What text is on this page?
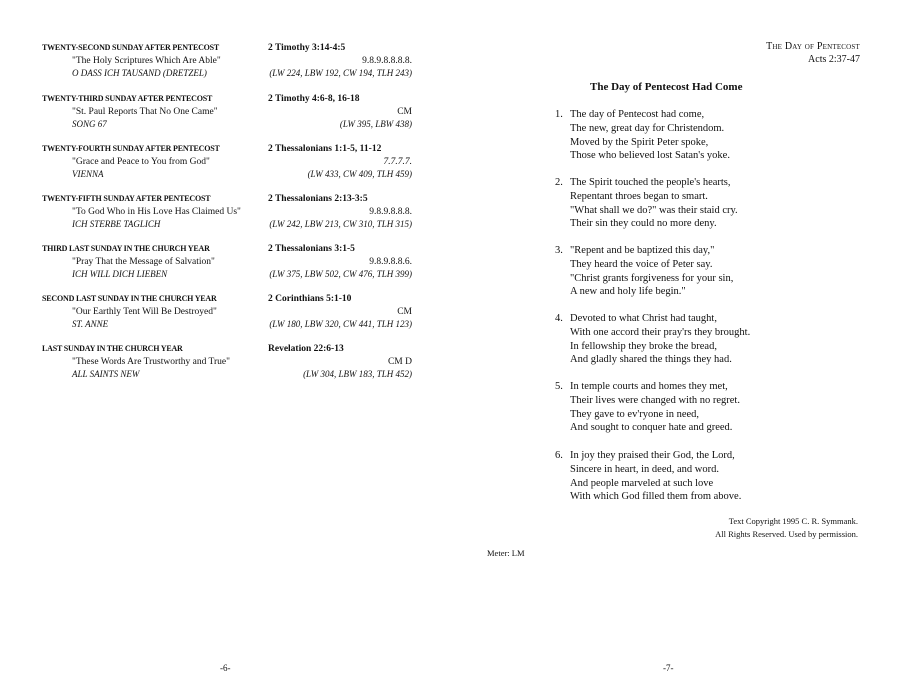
TWENTY-SECOND SUNDAY AFTER PENTECOST	2 Timothy 3:14-4:5
"The Holy Scriptures Which Are Able"	9.8.9.8.8.8.8.
O DASS ICH TAUSAND (DRETZEL)	(LW 224, LBW 192, CW 194, TLH 243)
TWENTY-THIRD SUNDAY AFTER PENTECOST	2 Timothy 4:6-8, 16-18
"St. Paul Reports That No One Came"	CM
SONG 67	(LW 395, LBW 438)
TWENTY-FOURTH SUNDAY AFTER PENTECOST	2 Thessalonians 1:1-5, 11-12
"Grace and Peace to You from God"	7.7.7.7.
VIENNA	(LW 433, CW 409, TLH 459)
TWENTY-FIFTH SUNDAY AFTER PENTECOST	2 Thessalonians 2:13-3:5
"To God Who in His Love Has Claimed Us"	9.8.9.8.8.8.
ICH STERBE TAGLICH	(LW 242, LBW 213, CW 310, TLH 315)
THIRD LAST SUNDAY IN THE CHURCH YEAR	2 Thessalonians 3:1-5
"Pray That the Message of Salvation"	9.8.9.8.8.6.
ICH WILL DICH LIEBEN	(LW 375, LBW 502, CW 476, TLH 399)
SECOND LAST SUNDAY IN THE CHURCH YEAR	2 Corinthians 5:1-10
"Our Earthly Tent Will Be Destroyed"	CM
ST. ANNE	(LW 180, LBW 320, CW 441, TLH 123)
LAST SUNDAY IN THE CHURCH YEAR	Revelation 22:6-13
"These Words Are Trustworthy and True"	CM D
ALL SAINTS NEW	(LW 304, LBW 183, TLH 452)
-6-
The Day of Pentecost
Acts 2:37-47
The Day of Pentecost Had Come
1. The day of Pentecost had come,
The new, great day for Christendom.
Moved by the Spirit Peter spoke,
Those who believed lost Satan's yoke.
2. The Spirit touched the people's hearts,
Repentant throes began to smart.
"What shall we do?" was their staid cry.
Their sin they could no more deny.
3. "Repent and be baptized this day,"
They heard the voice of Peter say.
"Christ grants forgiveness for your sin,
A new and holy life begin."
4. Devoted to what Christ had taught,
With one accord their pray'rs they brought.
In fellowship they broke the bread,
And gladly shared the things they had.
5. In temple courts and homes they met,
Their lives were changed with no regret.
They gave to ev'ryone in need,
And sought to conquer hate and greed.
6. In joy they praised their God, the Lord,
Sincere in heart, in deed, and word.
And people marveled at such love
With which God filled them from above.
Text Copyright 1995 C. R. Symmank.
All Rights Reserved. Used by permission.
Meter: LM
-7-
